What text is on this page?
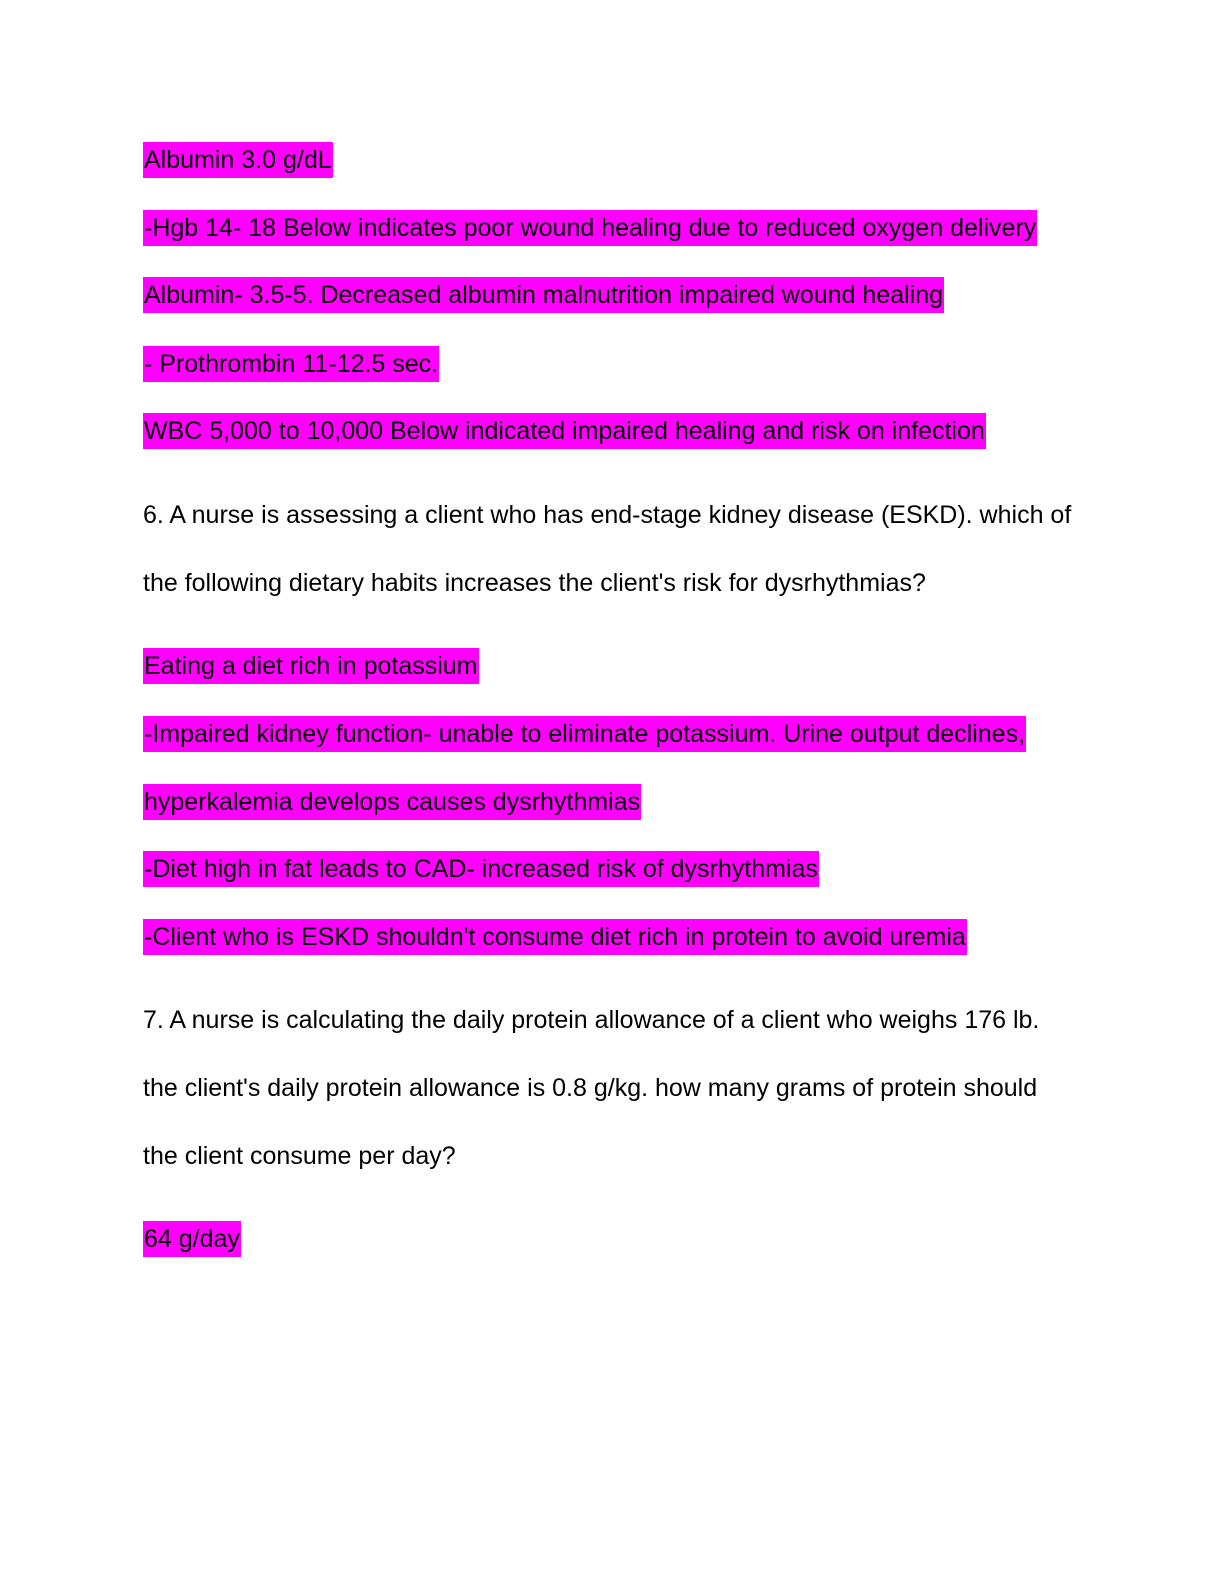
Albumin 3.0 g/dL
-Hgb 14- 18 Below indicates poor wound healing due to reduced oxygen delivery
Albumin- 3.5-5. Decreased albumin malnutrition impaired wound healing
- Prothrombin 11-12.5 sec.
WBC 5,000 to 10,000 Below indicated impaired healing and risk on infection
6. A nurse is assessing a client who has end-stage kidney disease (ESKD). which of
the following dietary habits increases the client's risk for dysrhythmias?
Eating a diet rich in potassium
-Impaired kidney function- unable to eliminate potassium. Urine output declines,
hyperkalemia develops causes dysrhythmias
-Diet high in fat leads to CAD- increased risk of dysrhythmias
-Client who is ESKD shouldn't consume diet rich in protein to avoid uremia
7. A nurse is calculating the daily protein allowance of a client who weighs 176 lb.
the client's daily protein allowance is 0.8 g/kg. how many grams of protein should
the client consume per day?
64 g/day
